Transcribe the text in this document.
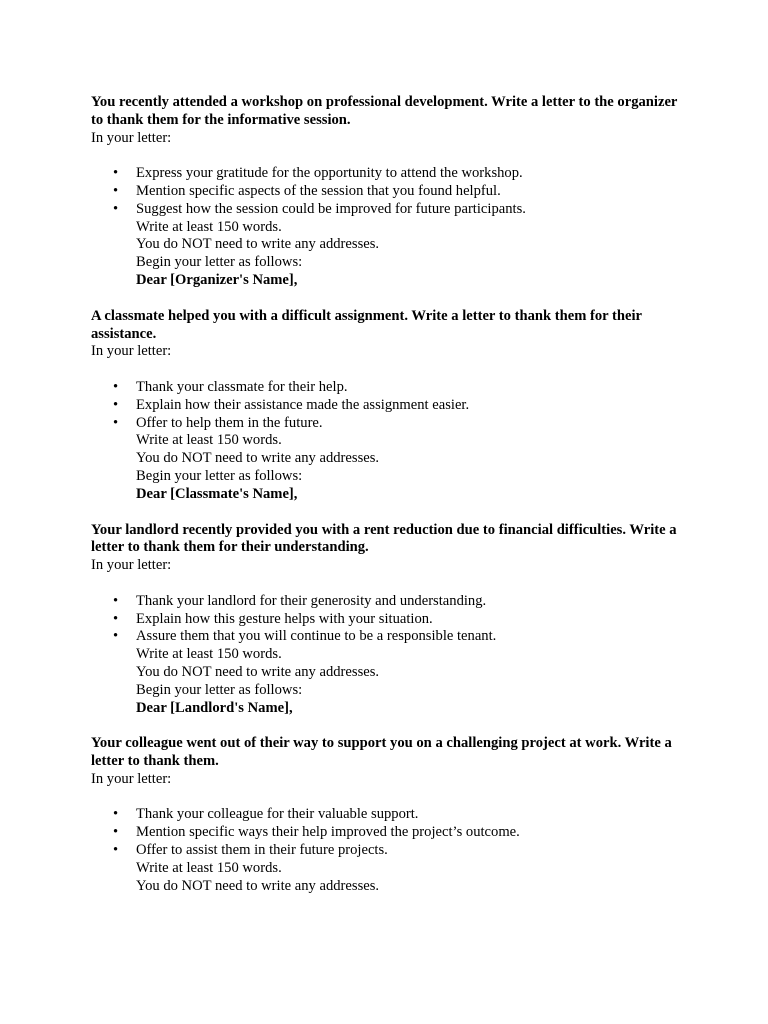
You recently attended a workshop on professional development. Write a letter to the organizer to thank them for the informative session.

In your letter:

• Express your gratitude for the opportunity to attend the workshop.
• Mention specific aspects of the session that you found helpful.
• Suggest how the session could be improved for future participants.
Write at least 150 words.
You do NOT need to write any addresses.
Begin your letter as follows:
Dear [Organizer's Name],

A classmate helped you with a difficult assignment. Write a letter to thank them for their assistance.

In your letter:

• Thank your classmate for their help.
• Explain how their assistance made the assignment easier.
• Offer to help them in the future.
Write at least 150 words.
You do NOT need to write any addresses.
Begin your letter as follows:
Dear [Classmate's Name],

Your landlord recently provided you with a rent reduction due to financial difficulties. Write a letter to thank them for their understanding.

In your letter:

• Thank your landlord for their generosity and understanding.
• Explain how this gesture helps with your situation.
• Assure them that you will continue to be a responsible tenant.
Write at least 150 words.
You do NOT need to write any addresses.
Begin your letter as follows:
Dear [Landlord's Name],

Your colleague went out of their way to support you on a challenging project at work. Write a letter to thank them.

In your letter:

• Thank your colleague for their valuable support.
• Mention specific ways their help improved the project’s outcome.
• Offer to assist them in their future projects.
Write at least 150 words.
You do NOT need to write any addresses.
